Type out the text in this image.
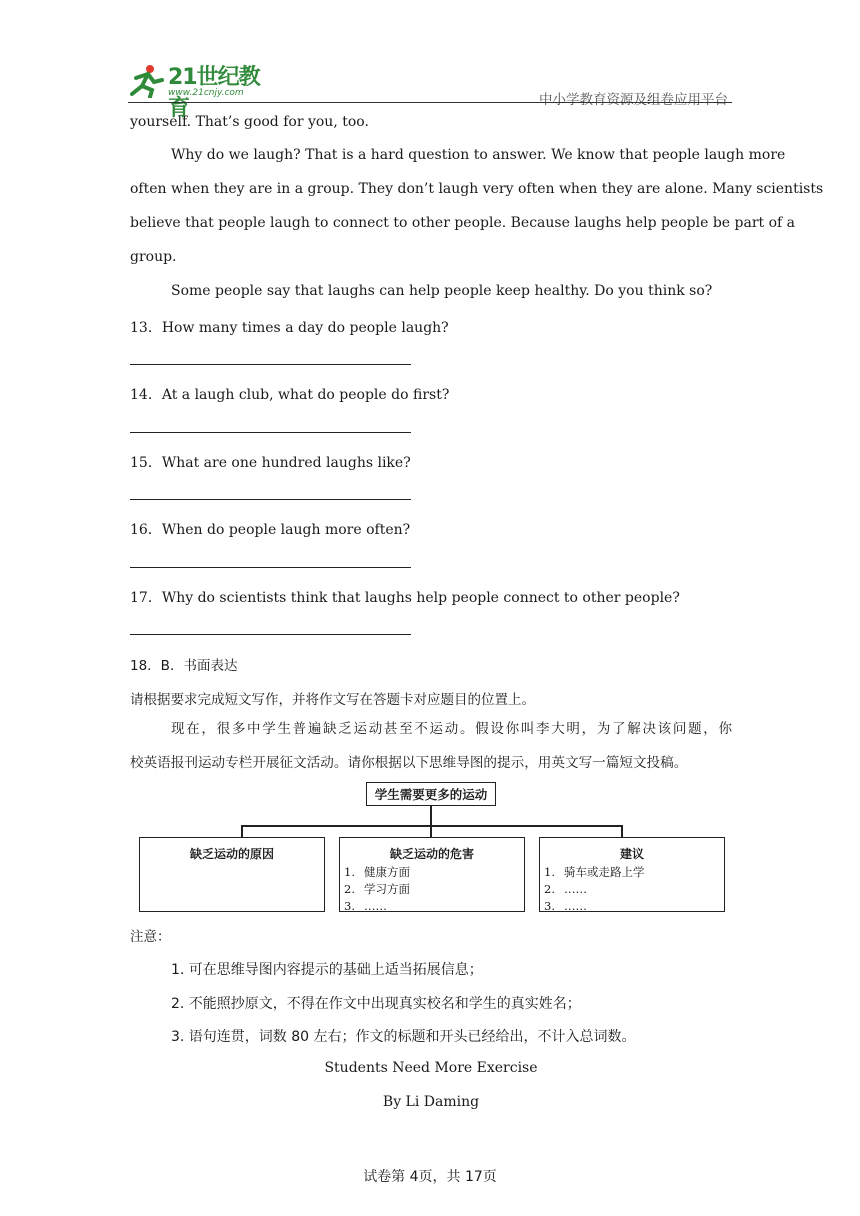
21世纪教育
www.21cnjy.com	中小学教育资源及组卷应用平台

yourself. That’s good for you, too.

Why do we laugh? That is a hard question to answer. We know that people laugh more

often when they are in a group. They don’t laugh very often when they are alone. Many scientists

believe that people laugh to connect to other people. Because laughs help people be part of a

group.

Some people say that laughs can help people keep healthy. Do you think so?

13．How many times a day do people laugh?
14．At a laugh club, what do people do first?
15．What are one hundred laughs like?
16．When do people laugh more often?
17．Why do scientists think that laughs help people connect to other people?
18．B．书面表达
请根据要求完成短文写作，并将作文写在答题卡对应题目的位置上。
现在，很多中学生普遍缺乏运动甚至不运动。假设你叫李大明，为了解决该问题，你
校英语报刊运动专栏开展征文活动。请你根据以下思维导图的提示，用英文写一篇短文投稿。
学生需要更多的运动
缺乏运动的原因	缺乏运动的危害
1. 健康方面
2. 学习方面
3. ……
建议
1. 骑车或走路上学
2. ……
3. ……
注意：
1. 可在思维导图内容提示的基础上适当拓展信息；
2. 不能照抄原文，不得在作文中出现真实校名和学生的真实姓名；
3. 语句连贯，词数 80 左右；作文的标题和开头已经给出，不计入总词数。
Students Need More Exercise
By Li Daming
试卷第 4页，共 17页
